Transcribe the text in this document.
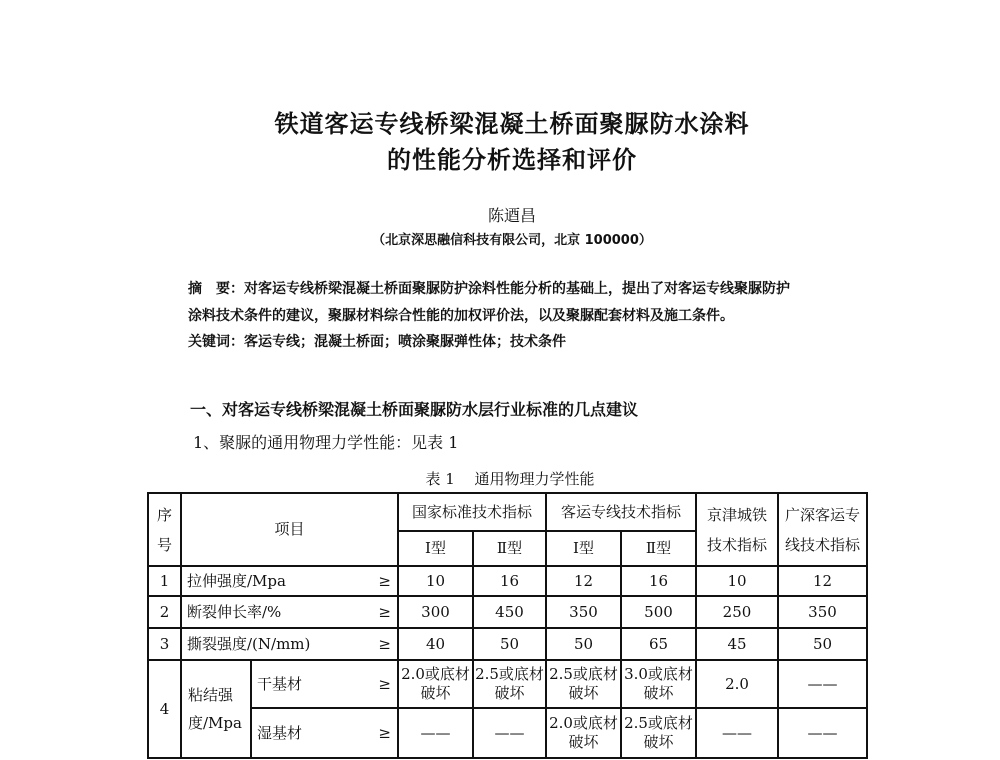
铁道客运专线桥梁混凝土桥面聚脲防水涂料
的性能分析选择和评价
陈逎昌
（北京深思融信科技有限公司，北京 100000）
摘　要：对客运专线桥梁混凝土桥面聚脲防护涂料性能分析的基础上，提出了对客运专线聚脲防护
涂料技术条件的建议，聚脲材料综合性能的加权评价法，以及聚脲配套材料及施工条件。
关键词：客运专线；混凝土桥面；喷涂聚脲弹性体；技术条件
一、对客运专线桥梁混凝土桥面聚脲防水层行业标准的几点建议
1、聚脲的通用物理力学性能：见表 1
表 1　 通用物理力学性能
序号	项目		国家标准技术指标		客运专线技术指标		京津城铁技术指标	广深客运专线技术指标
			Ⅰ型	Ⅱ型	Ⅰ型	Ⅱ型		
1	拉伸强度/Mpa ≥		10	16	12	16	10	12
2	断裂伸长率/% ≥		300	450	350	500	250	350
3	撕裂强度/(N/mm) ≥		40	50	50	65	45	50
4	粘结强度/Mpa	干基材 ≥	2.0或底材破坏	2.5或底材破坏	2.5或底材破坏	3.0或底材破坏	2.0	——

		湿基材 ≥	——	——	2.0或底材破坏	2.5或底材破坏	——	——
